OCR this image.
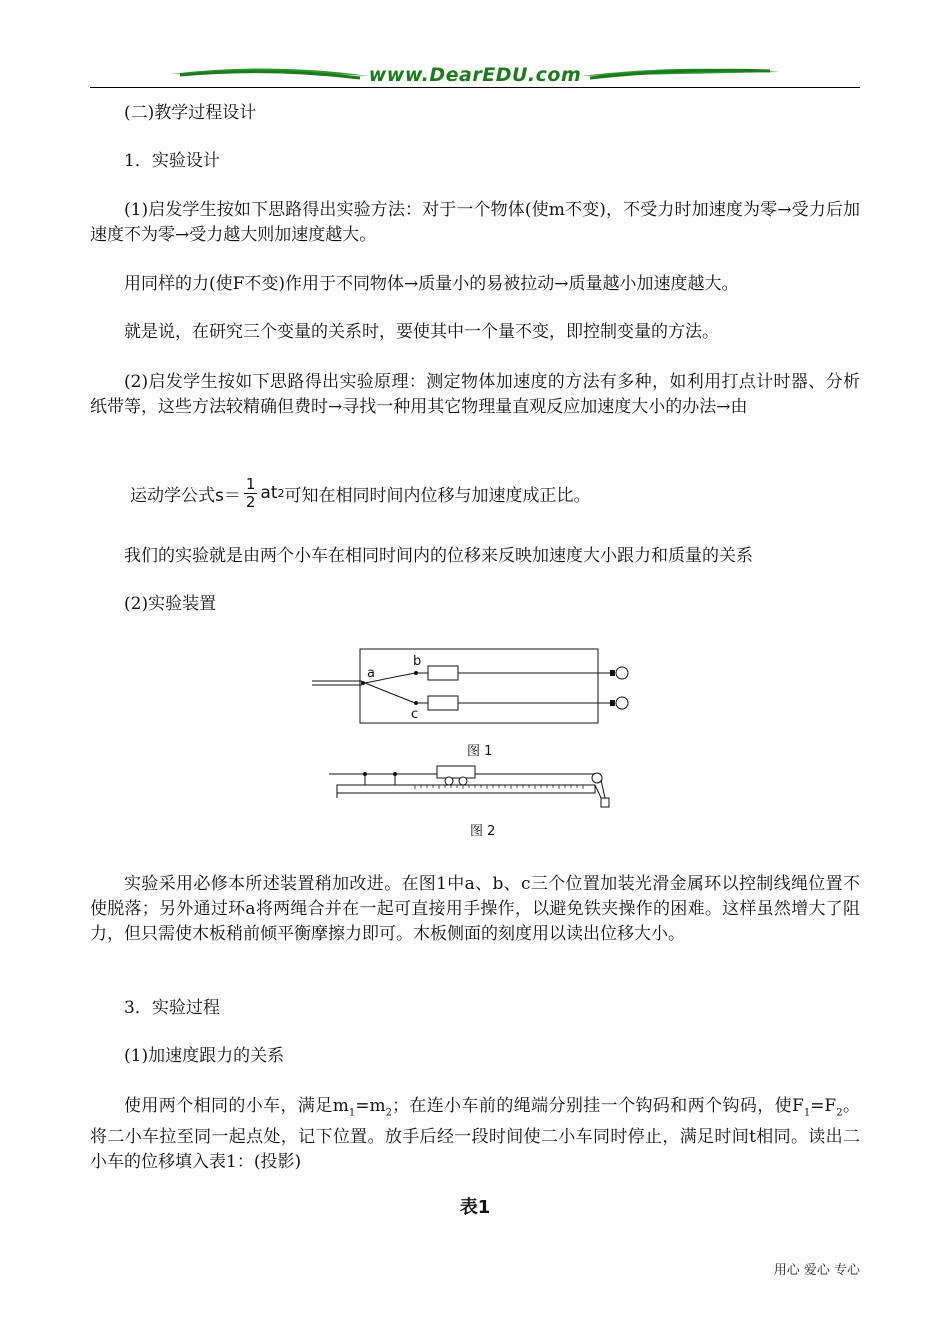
www.DearEDU.com

(二)教学过程设计

1．实验设计

(1)启发学生按如下思路得出实验方法：对于一个物体(使m不变)，不受力时加速度为零→受力后加速度不为零→受力越大则加速度越大。

用同样的力(使F不变)作用于不同物体→质量小的易被拉动→质量越小加速度越大。

就是说，在研究三个变量的关系时，要使其中一个量不变，即控制变量的方法。

(2)启发学生按如下思路得出实验原理：测定物体加速度的方法有多种，如利用打点计时器、分析纸带等，这些方法较精确但费时→寻找一种用其它物理量直观反应加速度大小的办法→由

运动学公式 $s= \frac{1}{2}$ at 2 可知在相同时间内位移与加速度成正比。

我们的实验就是由两个小车在相同时间内的位移来反映加速度大小跟力和质量的关系

(2)实验装置

a
b
c
图 1
图 2

实验采用必修本所述装置稍加改进。在图1中a、b、c三个位置加装光滑金属环以控制线绳位置不使脱落；另外通过环a将两绳合并在一起可直接用手操作，以避免铁夹操作的困难。这样虽然增大了阻力，但只需使木板稍前倾平衡摩擦力即可。木板侧面的刻度用以读出位移大小。

3．实验过程

(1)加速度跟力的关系

使用两个相同的小车，满足$m_1=m_2$；在连小车前的绳端分别挂一个钩码和两个钩码，使$F_1=F_2$。将二小车拉至同一起点处，记下位置。放手后经一段时间使二小车同时停止，满足时间t相同。读出二小车的位移填入表1：(投影)

表1
用心 爱心 专心
